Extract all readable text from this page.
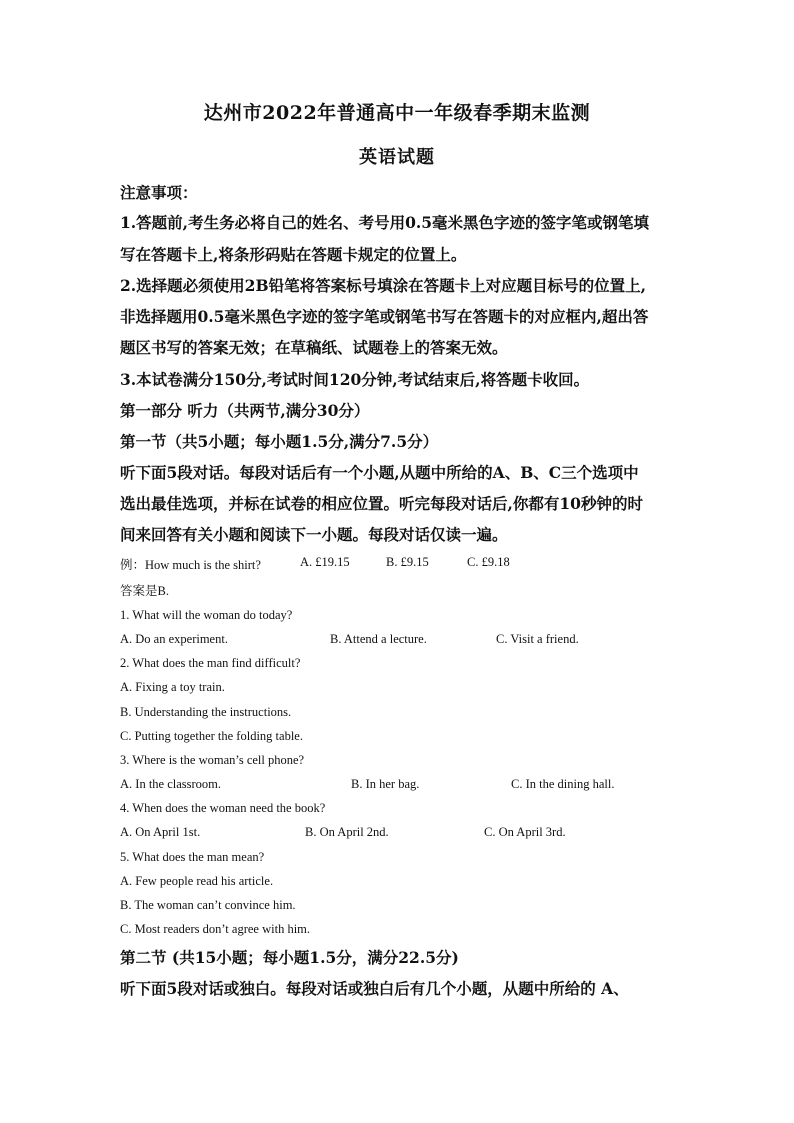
达州市2022年普通高中一年级春季期末监测
英语试题
注意事项：
1.答题前,考生务必将自己的姓名、考号用0.5毫米黑色字迹的签字笔或钢笔填
写在答题卡上,将条形码贴在答题卡规定的位置上。
2.选择题必须使用2B铅笔将答案标号填涂在答题卡上对应题目标号的位置上,
非选择题用0.5毫米黑色字迹的签字笔或钢笔书写在答题卡的对应框内,超出答
题区书写的答案无效；在草稿纸、试题卷上的答案无效。
3.本试卷满分150分,考试时间120分钟,考试结束后,将答题卡收回。
第一部分 听力（共两节,满分30分）
第一节（共5小题；每小题1.5分,满分7.5分）
听下面5段对话。每段对话后有一个小题,从题中所给的A、B、C三个选项中
选出最佳选项，并标在试卷的相应位置。听完每段对话后,你都有10秒钟的时
间来回答有关小题和阅读下一小题。每段对话仅读一遍。
例：How much is the shirt?	A. £19.15	B. £9.15	C. £9.18
答案是B.
1. What will the woman do today?
A. Do an experiment.	B. Attend a lecture.	C. Visit a friend.
2. What does the man find difficult?
A. Fixing a toy train.
B. Understanding the instructions.
C. Putting together the folding table.
3. Where is the woman’s cell phone?
A. In the classroom.	B. In her bag.	C. In the dining hall.
4. When does the woman need the book?
A. On April 1st.	B. On April 2nd.	C. On April 3rd.
5. What does the man mean?
A. Few people read his article.
B. The woman can’t convince him.
C. Most readers don’t agree with him.
第二节 (共15小题；每小题1.5分，满分22.5分)
听下面5段对话或独白。每段对话或独白后有几个小题，从题中所给的 A、
